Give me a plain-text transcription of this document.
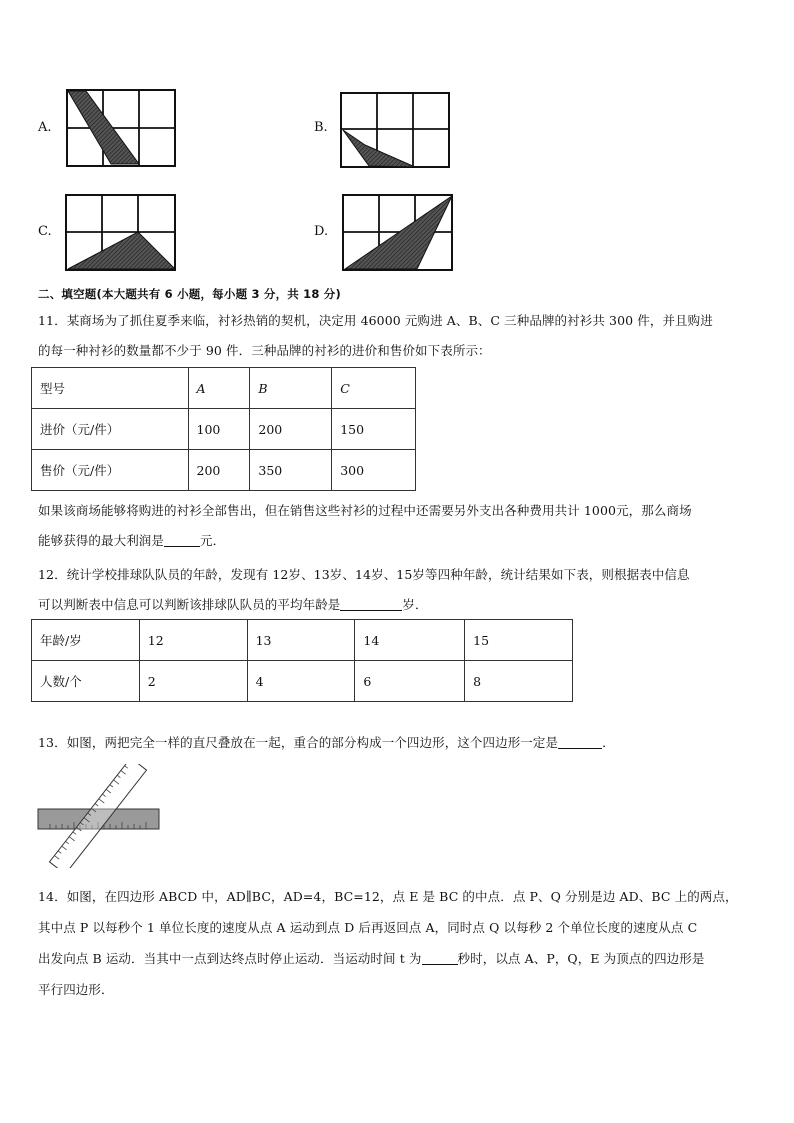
A.	B.
C.	D.
二、填空题(本大题共有 6 小题，每小题 3 分，共 18 分)
11．某商场为了抓住夏季来临，衬衫热销的契机，决定用 46000 元购进 A、B、C 三种品牌的衬衫共 300 件，并且购进
的每一种衬衫的数量都不少于 90 件．三种品牌的衬衫的进价和售价如下表所示：
型号	A	B	C
进价（元/件）	100	200	150
售价（元/件）	200	350	300
如果该商场能够将购进的衬衫全部售出，但在销售这些衬衫的过程中还需要另外支出各种费用共计 1000元，那么商场
能够获得的最大利润是	元．
12．统计学校排球队队员的年龄，发现有 12岁、13岁、14岁、15岁等四种年龄，统计结果如下表，则根据表中信息
可以判断表中信息可以判断该排球队队员的平均年龄是	岁．
年龄/岁	12	13	14	15
人数/个	2	4	6	8
13．如图，两把完全一样的直尺叠放在一起，重合的部分构成一个四边形，这个四边形一定是	．
14．如图，在四边形 ABCD 中，AD∥BC，AD=4，BC=12，点 E 是 BC 的中点．点 P、Q 分别是边 AD、BC 上的两点，
其中点 P 以每秒个 1 单位长度的速度从点 A 运动到点 D 后再返回点 A，同时点 Q 以每秒 2 个单位长度的速度从点 C
出发向点 B 运动．当其中一点到达终点时停止运动．当运动时间 t 为	秒时，以点 A、P，Q，E 为顶点的四边形是
平行四边形．
